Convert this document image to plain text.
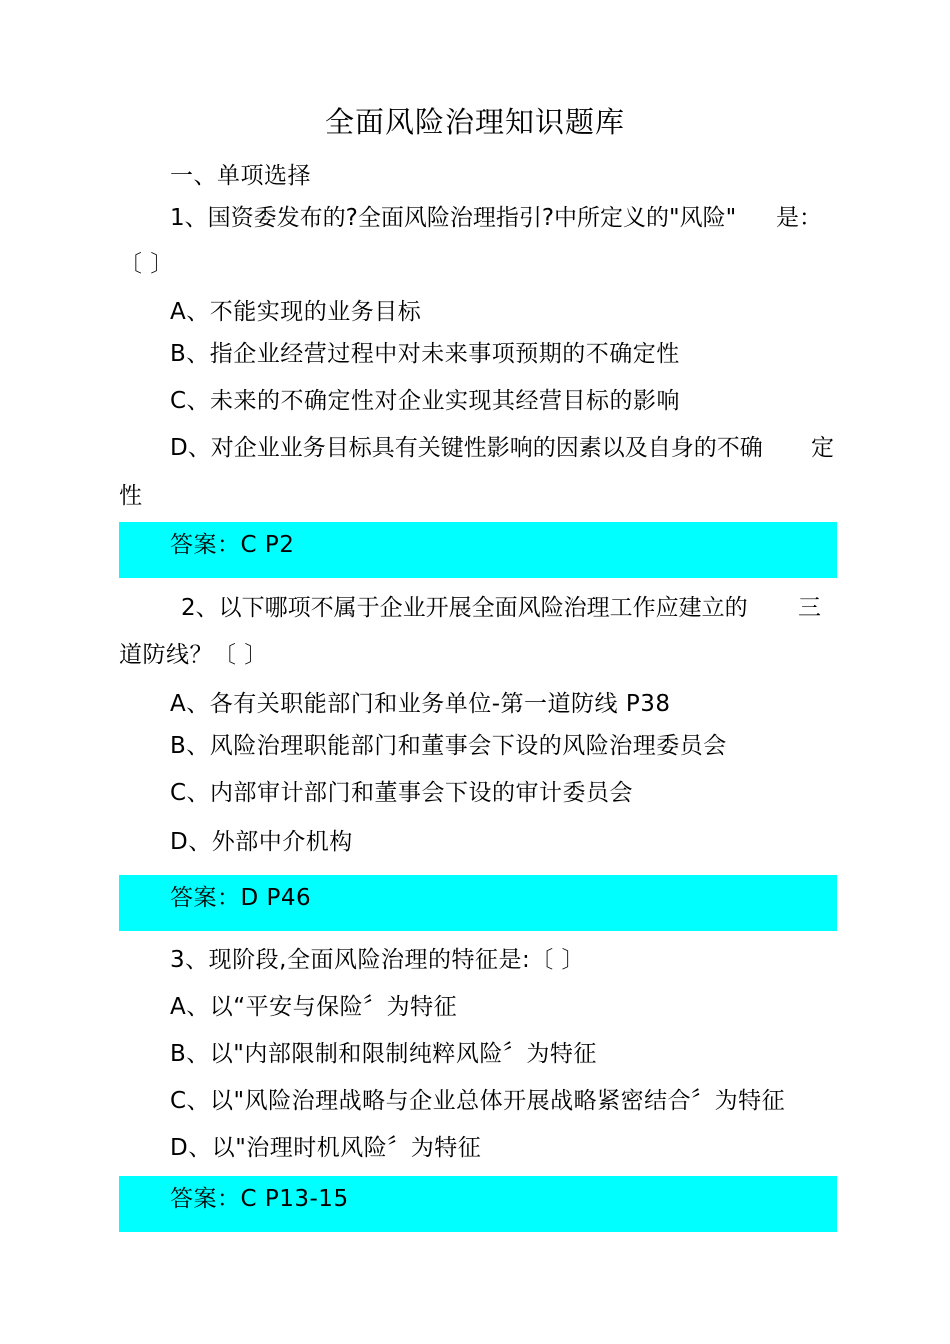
全面风险治理知识题库
一、单项选择
1、国资委发布的?全面风险治理指引?中所定义的"风险" 是：
〔 〕
A、不能实现的业务目标
B、指企业经营过程中对未来事项预期的不确定性
C、未来的不确定性对企业实现其经营目标的影响
D、对企业业务目标具有关键性影响的因素以及自身的不确 定
性
答案：C P2
2、以下哪项不属于企业开展全面风险治理工作应建立的 三
道防线？〔 〕
A、各有关职能部门和业务单位-第一道防线 P38
B、风险治理职能部门和董事会下设的风险治理委员会
C、内部审计部门和董事会下设的审计委员会
D、外部中介机构
答案：D P46
3、现阶段,全面风险治理的特征是:〔 〕
A、以“平安与保险〞为特征
B、以"内部限制和限制纯粹风险〞为特征
C、以"风险治理战略与企业总体开展战略紧密结合〞为特征
D、以"治理时机风险〞为特征
答案：C P13-15
